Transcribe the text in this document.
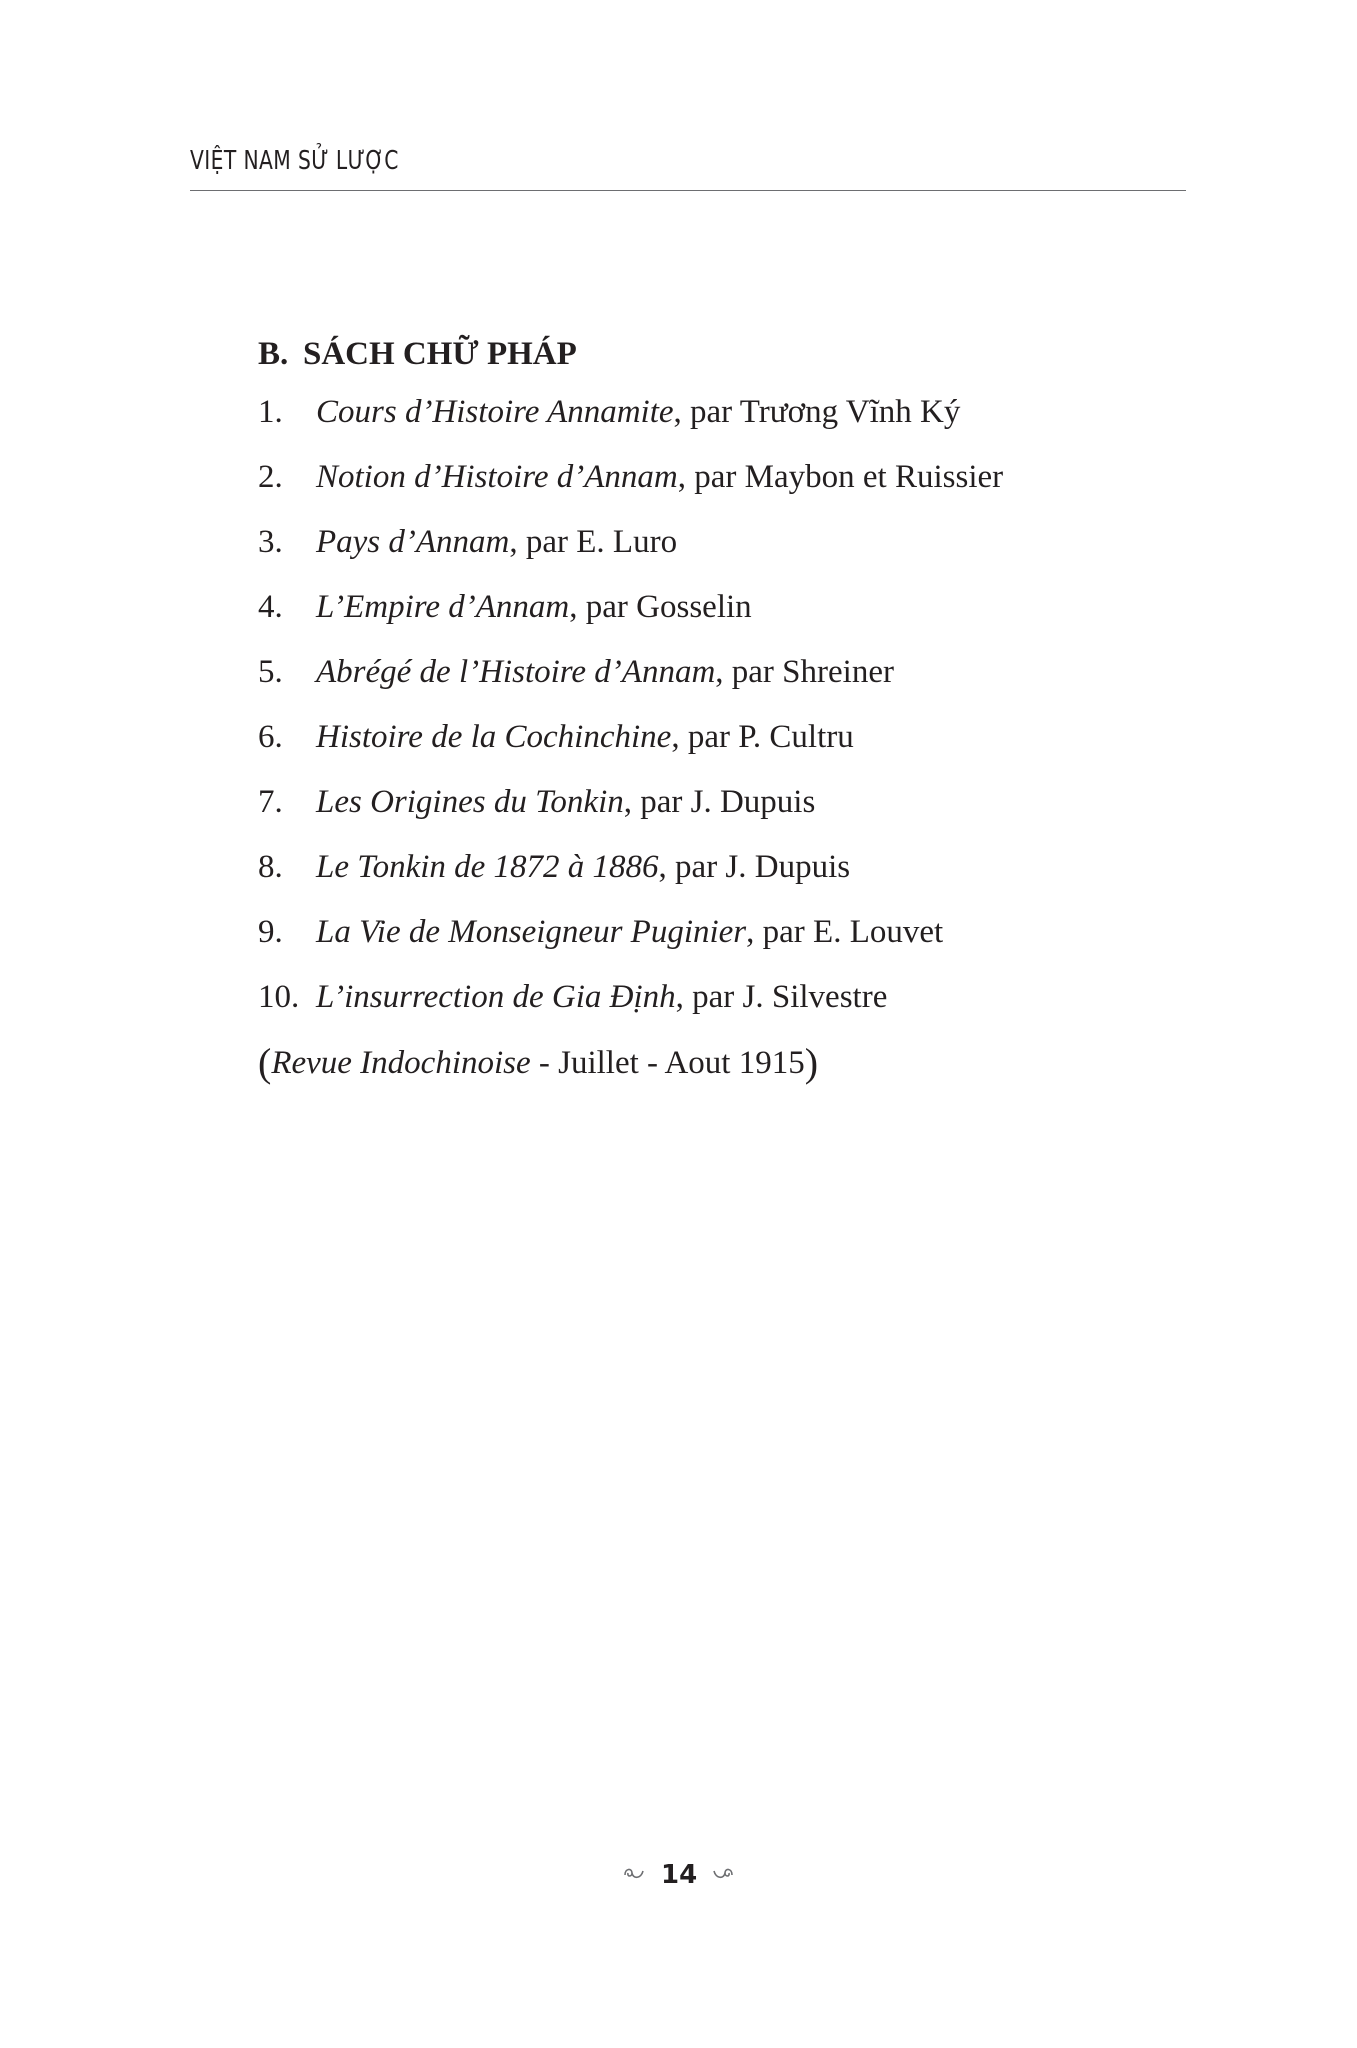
VIỆT NAM SỬ LƯỢC
B. SÁCH CHỮ PHÁP
1. Cours d’Histoire Annamite, par Trương Vĩnh Ký
2. Notion d’Histoire d’Annam, par Maybon et Ruissier
3. Pays d’Annam, par E. Luro
4. L’Empire d’Annam, par Gosselin
5. Abrégé de l’Histoire d’Annam, par Shreiner
6. Histoire de la Cochinchine, par P. Cultru
7. Les Origines du Tonkin, par J. Dupuis
8. Le Tonkin de 1872 à 1886, par J. Dupuis
9. La Vie de Monseigneur Puginier, par E. Louvet
10. L’insurrection de Gia Định, par J. Silvestre
(Revue Indochinoise - Juillet - Aout 1915)
14
